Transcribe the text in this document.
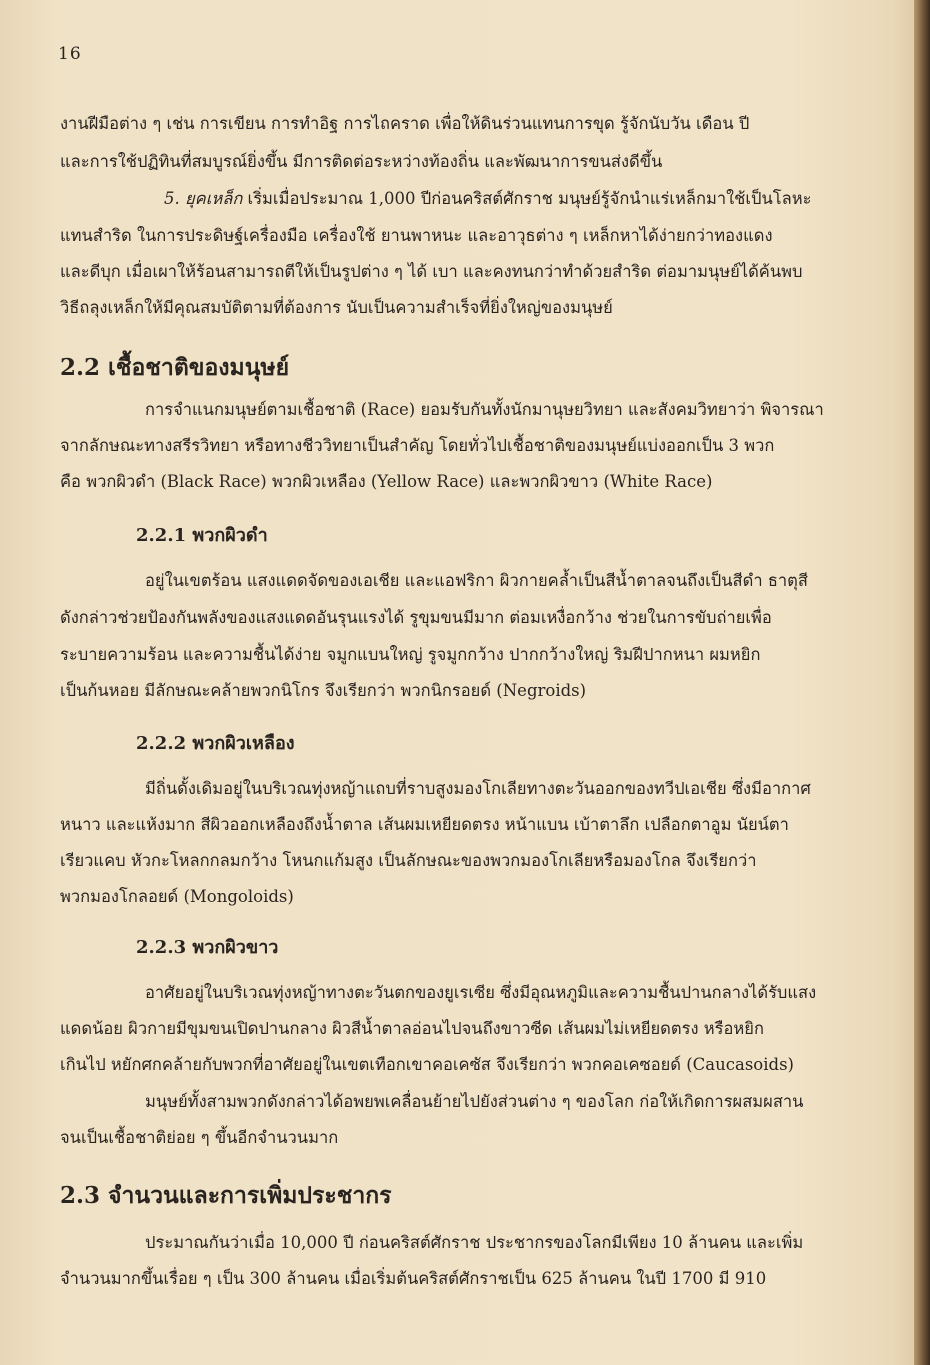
16
งานฝีมือต่าง ๆ เช่น การเขียน การทำอิฐ การไถคราด เพื่อให้ดินร่วนแทนการขุด รู้จักนับวัน เดือน ปี
และการใช้ปฏิทินที่สมบูรณ์ยิ่งขึ้น มีการติดต่อระหว่างท้องถิ่น และพัฒนาการขนส่งดีขึ้น
5. ยุคเหล็ก เริ่มเมื่อประมาณ 1,000 ปีก่อนคริสต์ศักราช มนุษย์รู้จักนำแร่เหล็กมาใช้เป็นโลหะ
แทนสำริด ในการประดิษฐ์เครื่องมือ เครื่องใช้ ยานพาหนะ และอาวุธต่าง ๆ เหล็กหาได้ง่ายกว่าทองแดง
และดีบุก เมื่อเผาให้ร้อนสามารถตีให้เป็นรูปต่าง ๆ ได้ เบา และคงทนกว่าทำด้วยสำริด ต่อมามนุษย์ได้ค้นพบ
วิธีถลุงเหล็กให้มีคุณสมบัติตามที่ต้องการ นับเป็นความสำเร็จที่ยิ่งใหญ่ของมนุษย์
2.2 เชื้อชาติของมนุษย์
การจำแนกมนุษย์ตามเชื้อชาติ (Race) ยอมรับกันทั้งนักมานุษยวิทยา และสังคมวิทยาว่า พิจารณา
จากลักษณะทางสรีรวิทยา หรือทางชีววิทยาเป็นสำคัญ โดยทั่วไปเชื้อชาติของมนุษย์แบ่งออกเป็น 3 พวก
คือ พวกผิวดำ (Black Race) พวกผิวเหลือง (Yellow Race) และพวกผิวขาว (White Race)
2.2.1 พวกผิวดำ
อยู่ในเขตร้อน แสงแดดจัดของเอเชีย และแอฟริกา ผิวกายคล้ำเป็นสีน้ำตาลจนถึงเป็นสีดำ ธาตุสี
ดังกล่าวช่วยป้องกันพลังของแสงแดดอันรุนแรงได้ รูขุมขนมีมาก ต่อมเหงื่อกว้าง ช่วยในการขับถ่ายเพื่อ
ระบายความร้อน และความชื้นได้ง่าย จมูกแบนใหญ่ รูจมูกกว้าง ปากกว้างใหญ่ ริมฝีปากหนา ผมหยิก
เป็นก้นหอย มีลักษณะคล้ายพวกนิโกร จึงเรียกว่า พวกนิกรอยด์ (Negroids)
2.2.2 พวกผิวเหลือง
มีถิ่นดั้งเดิมอยู่ในบริเวณทุ่งหญ้าแถบที่ราบสูงมองโกเลียทางตะวันออกของทวีปเอเชีย ซึ่งมีอากาศ
หนาว และแห้งมาก สีผิวออกเหลืองถึงน้ำตาล เส้นผมเหยียดตรง หน้าแบน เบ้าตาลึก เปลือกตาอูม นัยน์ตา
เรียวแคบ หัวกะโหลกกลมกว้าง โหนกแก้มสูง เป็นลักษณะของพวกมองโกเลียหรือมองโกล จึงเรียกว่า
พวกมองโกลอยด์ (Mongoloids)
2.2.3 พวกผิวขาว
อาศัยอยู่ในบริเวณทุ่งหญ้าทางตะวันตกของยูเรเซีย ซึ่งมีอุณหภูมิและความชื้นปานกลางได้รับแสง
แดดน้อย ผิวกายมีขุมขนเปิดปานกลาง ผิวสีน้ำตาลอ่อนไปจนถึงขาวซีด เส้นผมไม่เหยียดตรง หรือหยิก
เกินไป หยักศกคล้ายกับพวกที่อาศัยอยู่ในเขตเทือกเขาคอเคซัส จึงเรียกว่า พวกคอเคซอยด์ (Caucasoids)
มนุษย์ทั้งสามพวกดังกล่าวได้อพยพเคลื่อนย้ายไปยังส่วนต่าง ๆ ของโลก ก่อให้เกิดการผสมผสาน
จนเป็นเชื้อชาติย่อย ๆ ขึ้นอีกจำนวนมาก
2.3 จำนวนและการเพิ่มประชากร
ประมาณกันว่าเมื่อ 10,000 ปี ก่อนคริสต์ศักราช ประชากรของโลกมีเพียง 10 ล้านคน และเพิ่ม
จำนวนมากขึ้นเรื่อย ๆ เป็น 300 ล้านคน เมื่อเริ่มต้นคริสต์ศักราชเป็น 625 ล้านคน ในปี 1700 มี 910
